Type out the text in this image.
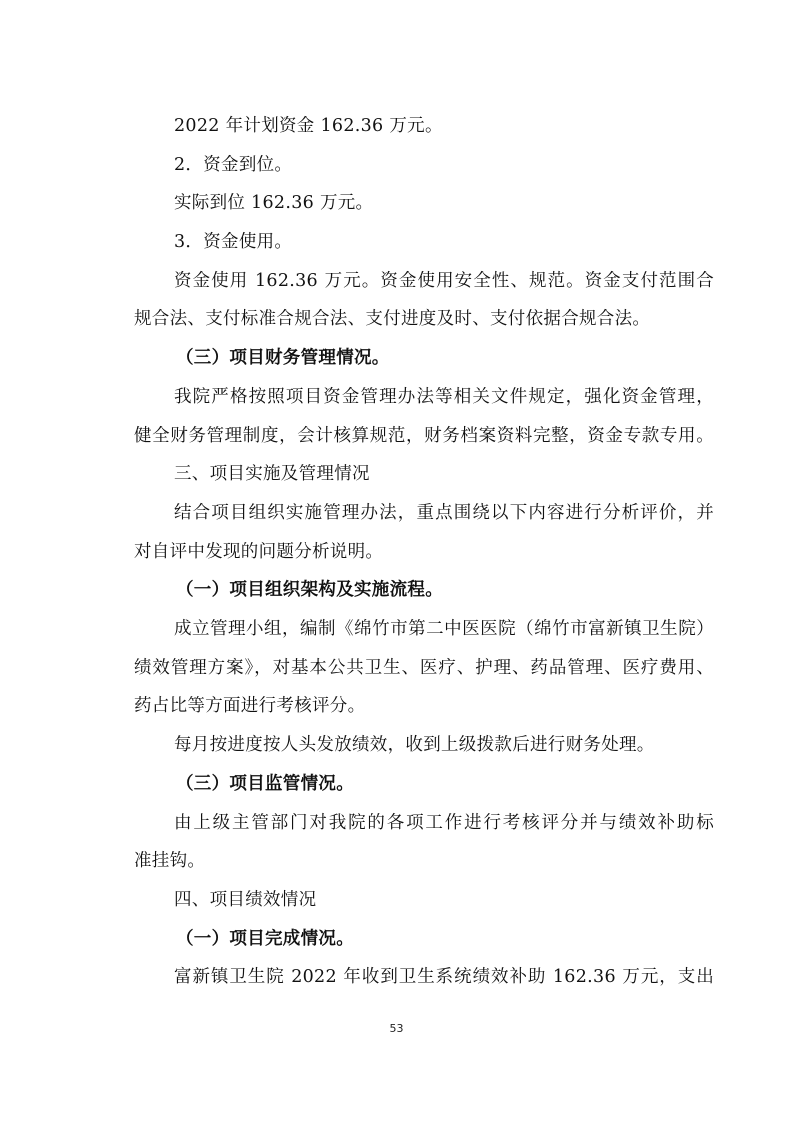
2022 年计划资金 162.36 万元。
2．资金到位。
实际到位 162.36 万元。
3．资金使用。
资金使用 162.36 万元。资金使用安全性、规范。资金支付范围合
规合法、支付标准合规合法、支付进度及时、支付依据合规合法。
（三）项目财务管理情况。
我院严格按照项目资金管理办法等相关文件规定，强化资金管理，
健全财务管理制度，会计核算规范，财务档案资料完整，资金专款专用。
三、项目实施及管理情况
结合项目组织实施管理办法，重点围绕以下内容进行分析评价，并
对自评中发现的问题分析说明。
（一）项目组织架构及实施流程。
成立管理小组，编制《绵竹市第二中医医院（绵竹市富新镇卫生院）
绩效管理方案》，对基本公共卫生、医疗、护理、药品管理、医疗费用、
药占比等方面进行考核评分。
每月按进度按人头发放绩效，收到上级拨款后进行财务处理。
（三）项目监管情况。
由上级主管部门对我院的各项工作进行考核评分并与绩效补助标
准挂钩。
四、项目绩效情况
（一）项目完成情况。
富新镇卫生院 2022 年收到卫生系统绩效补助 162.36 万元，支出
53
